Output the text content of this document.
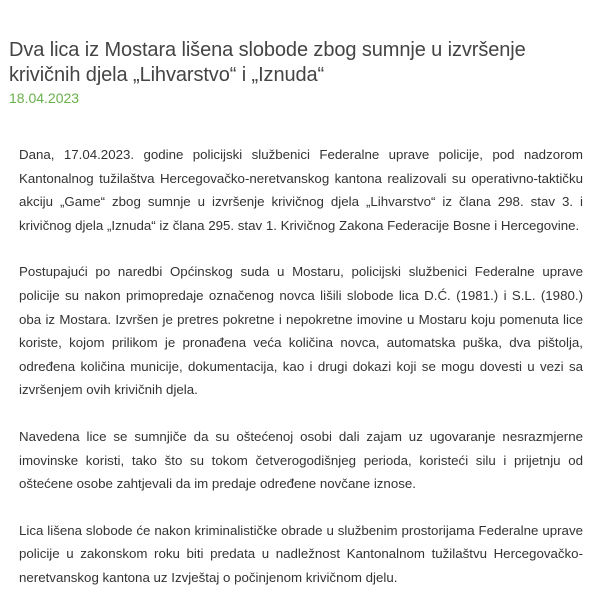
Dva lica iz Mostara lišena slobode zbog sumnje u izvršenje krivičnih djela „Lihvarstvo“ i „Iznuda“
18.04.2023

Dana, 17.04.2023. godine policijski službenici Federalne uprave policije, pod nadzorom Kantonalnog tužilaštva Hercegovačko-neretvanskog kantona realizovali su operativno-taktičku akciju „Game“ zbog sumnje u izvršenje krivičnog djela „Lihvarstvo“ iz člana 298. stav 3. i krivičnog djela „Iznuda“ iz člana 295. stav 1. Krivičnog Zakona Federacije Bosne i Hercegovine.

Postupajući po naredbi Općinskog suda u Mostaru, policijski službenici Federalne uprave policije su nakon primopredaje označenog novca lišili slobode lica D.Ć. (1981.) i S.L. (1980.) oba iz Mostara. Izvršen je pretres pokretne i nepokretne imovine u Mostaru koju pomenuta lice koriste, kojom prilikom je pronađena veća količina novca, automatska puška, dva pištolja, određena količina municije, dokumentacija, kao i drugi dokazi koji se mogu dovesti u vezi sa izvršenjem ovih krivičnih djela.

Navedena lice se sumnjiče da su oštećenoj osobi dali zajam uz ugovaranje nesrazmjerne imovinske koristi, tako što su tokom četverogodišnjeg perioda, koristeći silu i prijetnju od oštećene osobe zahtjevali da im predaje određene novčane iznose.

Lica lišena slobode će nakon kriminalističke obrade u službenim prostorijama Federalne uprave policije u zakonskom roku biti predata u nadležnost Kantonalnom tužilaštvu Hercegovačko-neretvanskog kantona uz Izvještaj o počinjenom krivičnom djelu.
